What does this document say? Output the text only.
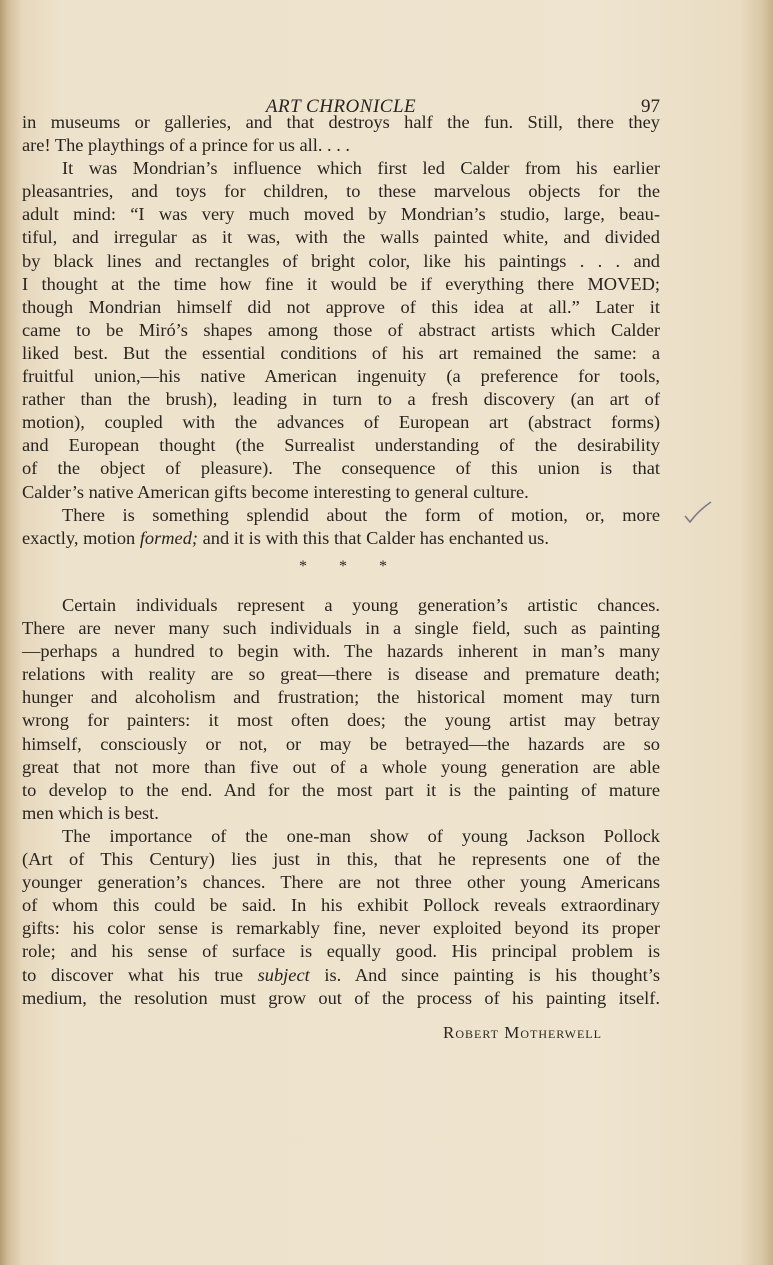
ART CHRONICLE	97
in museums or galleries, and that destroys half the fun. Still, there they
are! The playthings of a prince for us all. . . .
It was Mondrian’s influence which first led Calder from his earlier
pleasantries, and toys for children, to these marvelous objects for the
adult mind: “I was very much moved by Mondrian’s studio, large, beau-
tiful, and irregular as it was, with the walls painted white, and divided
by black lines and rectangles of bright color, like his paintings . . . and
I thought at the time how fine it would be if everything there MOVED;
though Mondrian himself did not approve of this idea at all.” Later it
came to be Miró’s shapes among those of abstract artists which Calder
liked best. But the essential conditions of his art remained the same: a
fruitful union,—his native American ingenuity (a preference for tools,
rather than the brush), leading in turn to a fresh discovery (an art of
motion), coupled with the advances of European art (abstract forms)
and European thought (the Surrealist understanding of the desirability
of the object of pleasure). The consequence of this union is that
Calder’s native American gifts become interesting to general culture.
There is something splendid about the form of motion, or, more
exactly, motion formed; and it is with this that Calder has enchanted us.
* * *
Certain individuals represent a young generation’s artistic chances.
There are never many such individuals in a single field, such as painting
—perhaps a hundred to begin with. The hazards inherent in man’s many
relations with reality are so great—there is disease and premature death;
hunger and alcoholism and frustration; the historical moment may turn
wrong for painters: it most often does; the young artist may betray
himself, consciously or not, or may be betrayed—the hazards are so
great that not more than five out of a whole young generation are able
to develop to the end. And for the most part it is the painting of mature
men which is best.
The importance of the one-man show of young Jackson Pollock
(Art of This Century) lies just in this, that he represents one of the
younger generation’s chances. There are not three other young Americans
of whom this could be said. In his exhibit Pollock reveals extraordinary
gifts: his color sense is remarkably fine, never exploited beyond its proper
role; and his sense of surface is equally good. His principal problem is
to discover what his true subject is. And since painting is his thought’s
medium, the resolution must grow out of the process of his painting itself.
Robert Motherwell
